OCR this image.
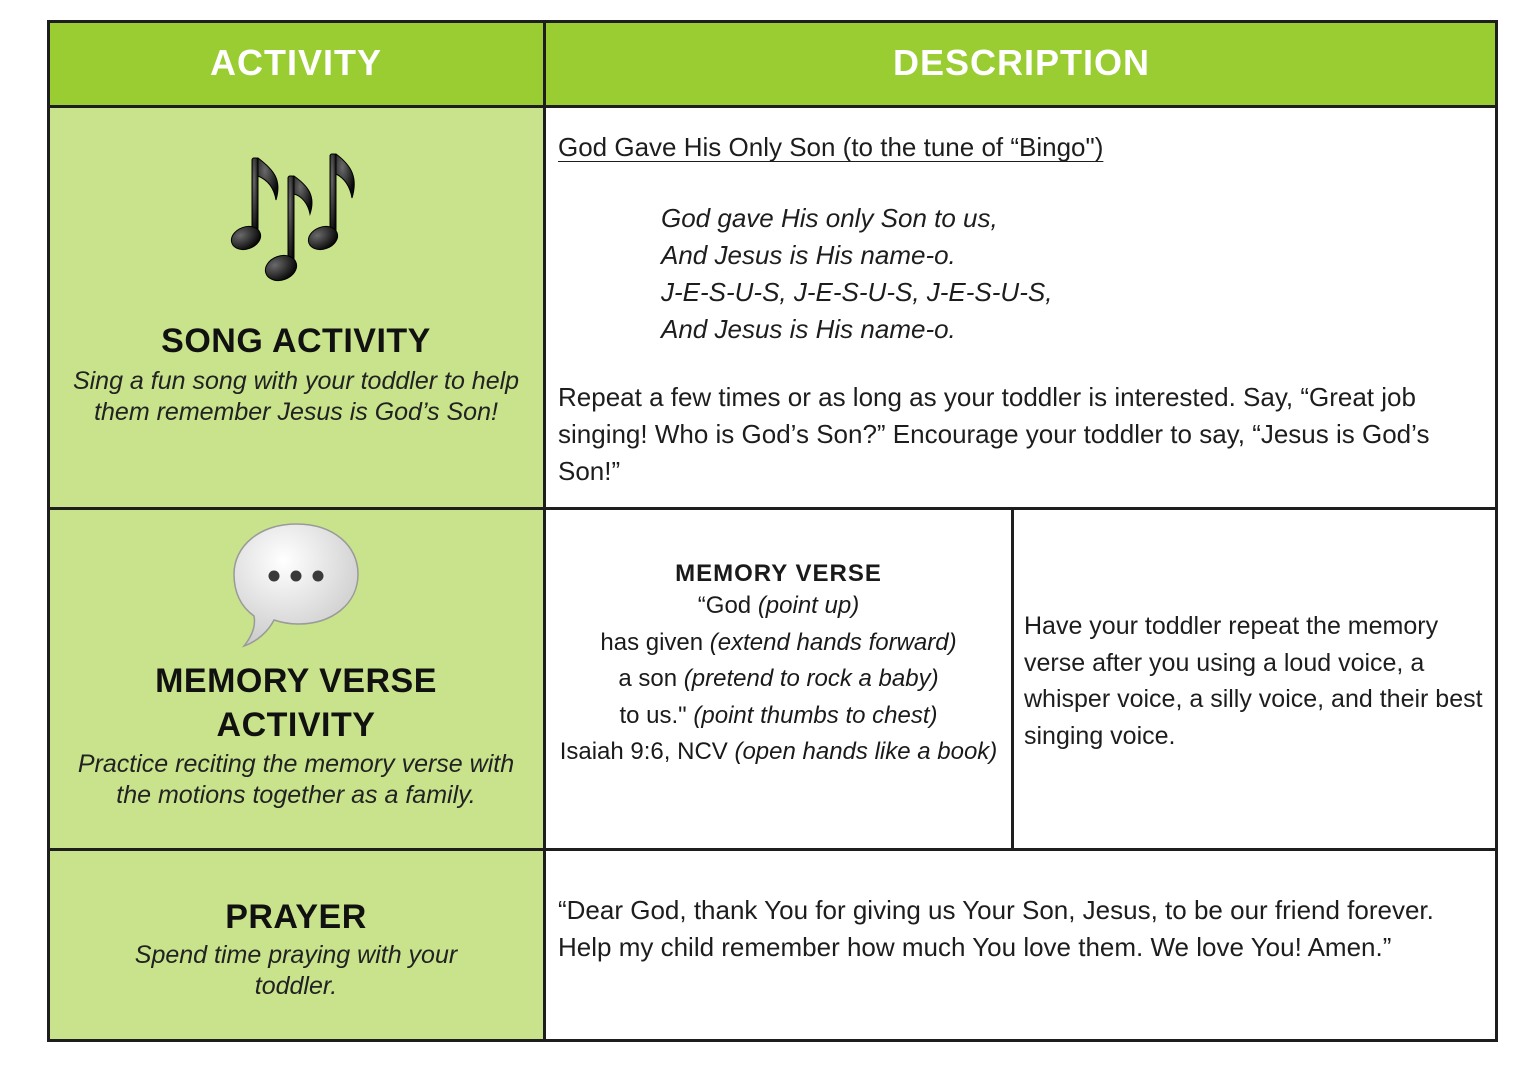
ACTIVITY	DESCRIPTION
SONG ACTIVITY
Sing a fun song with your toddler to help them remember Jesus is God’s Son!
God Gave His Only Son (to the tune of “Bingo")
God gave His only Son to us,
And Jesus is His name-o.
J-E-S-U-S, J-E-S-U-S, J-E-S-U-S,
And Jesus is His name-o.
Repeat a few times or as long as your toddler is interested. Say, “Great job singing! Who is God’s Son?” Encourage your toddler to say, “Jesus is God’s Son!”
MEMORY VERSE
ACTIVITY
Practice reciting the memory verse with the motions together as a family.
MEMORY VERSE
“God (point up)
has given (extend hands forward)
a son (pretend to rock a baby)
to us." (point thumbs to chest)
Isaiah 9:6, NCV (open hands like a book)
Have your toddler repeat the memory verse after you using a loud voice, a whisper voice, a silly voice, and their best singing voice.
PRAYER
Spend time praying with your toddler.
“Dear God, thank You for giving us Your Son, Jesus, to be our friend forever. Help my child remember how much You love them. We love You! Amen.”
